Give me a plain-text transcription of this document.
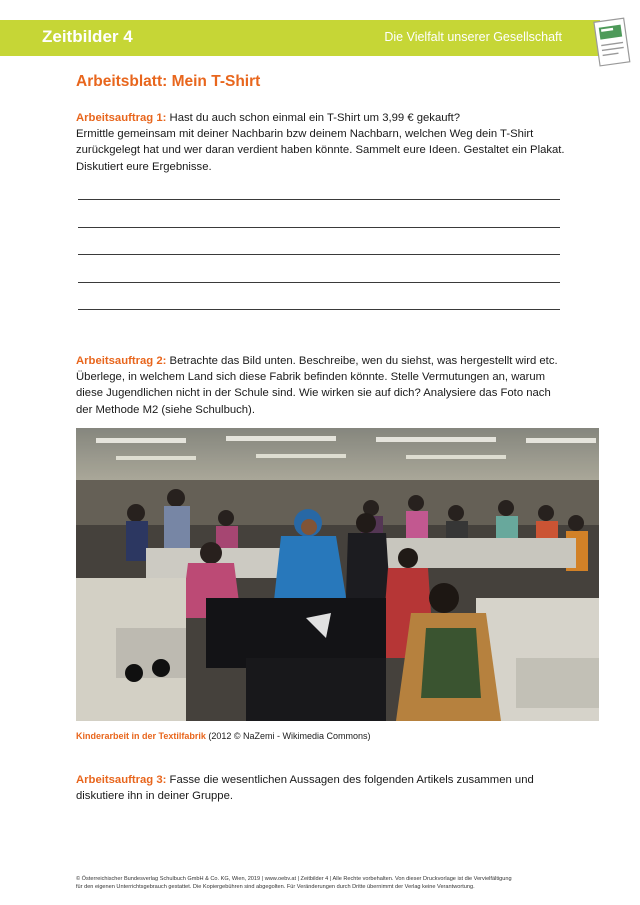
Zeitbilder 4	Die Vielfalt unserer Gesellschaft
Arbeitsblatt: Mein T-Shirt

Arbeitsauftrag 1: Hast du auch schon einmal ein T-Shirt um 3,99 € gekauft?
Ermittle gemeinsam mit deiner Nachbarin bzw deinem Nachbarn, welchen Weg dein T-Shirt zurückgelegt hat und wer daran verdient haben könnte. Sammelt eure Ideen. Gestaltet ein Plakat. Diskutiert eure Ergebnisse.

Arbeitsauftrag 2: Betrachte das Bild unten. Beschreibe, wen du siehst, was hergestellt wird etc. Überlege, in welchem Land sich diese Fabrik befinden könnte. Stelle Vermutungen an, warum diese Jugendlichen nicht in der Schule sind. Wie wirken sie auf dich? Analysiere das Foto nach der Methode M2 (siehe Schulbuch).

Kinderarbeit in der Textilfabrik (2012 © NaZemi - Wikimedia Commons)

Arbeitsauftrag 3: Fasse die wesentlichen Aussagen des folgenden Artikels zusammen und diskutiere ihn in deiner Gruppe.

© Österreichischer Bundesverlag Schulbuch GmbH & Co. KG, Wien, 2019 | www.oebv.at | Zeitbilder 4 | Alle Rechte vorbehalten. Von dieser Druckvorlage ist die Vervielfältigung
für den eigenen Unterrichtsgebrauch gestattet. Die Kopiergebühren sind abgegolten. Für Veränderungen durch Dritte übernimmt der Verlag keine Verantwortung.
